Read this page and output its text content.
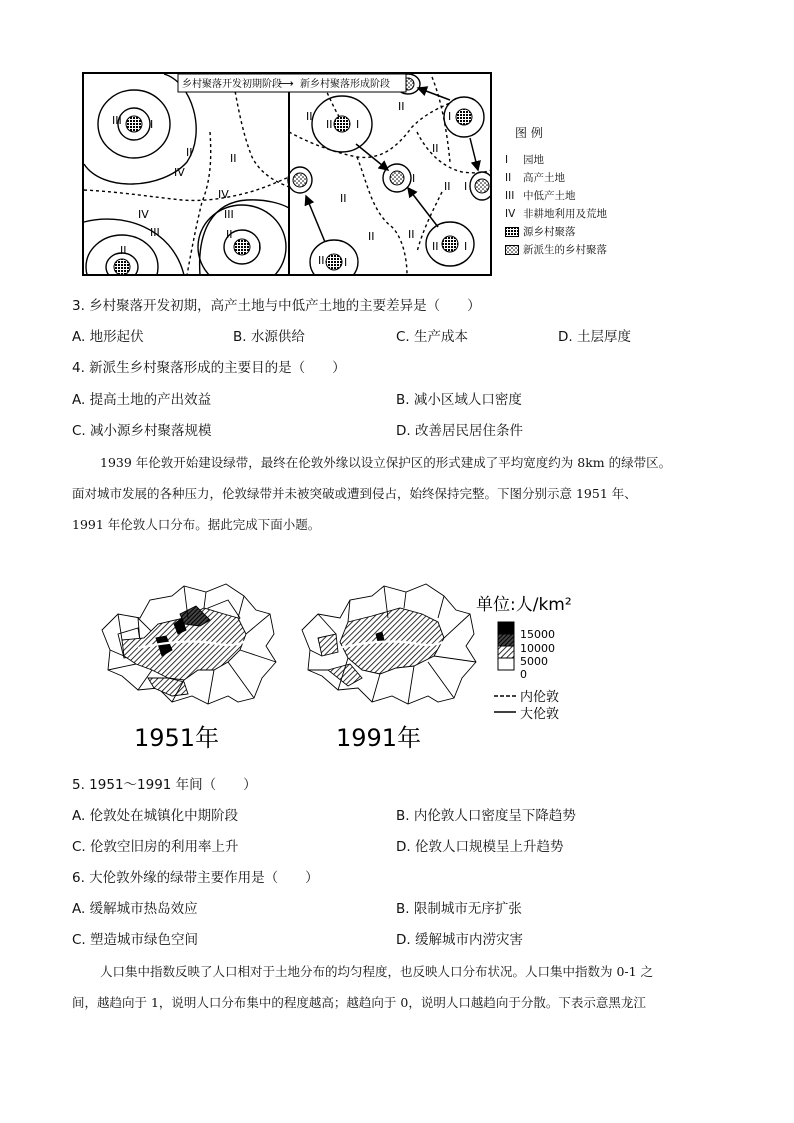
乡村聚落开发初期阶段
⟶ 新乡村聚落形成阶段
III	I
II
IV
II
IV
IV
III
II
III
II
I
II
II I
II
I
II
I
II
II I
II	II
II I
II I
图 例
I 园地
II 高产土地
III 中低产土地
IV 非耕地利用及荒地
源乡村聚落
新派生的乡村聚落
3. 乡村聚落开发初期，高产土地与中低产土地的主要差异是（　　）
A. 地形起伏	B. 水源供给	C. 生产成本	D. 土层厚度
4. 新派生乡村聚落形成的主要目的是（　　）
A. 提高土地的产出效益	B. 减小区域人口密度
C. 减小源乡村聚落规模	D. 改善居民居住条件
1939 年伦敦开始建设绿带，最终在伦敦外缘以设立保护区的形式建成了平均宽度约为 8km 的绿带区。
面对城市发展的各种压力，伦敦绿带并未被突破或遭到侵占，始终保持完整。下图分别示意 1951 年、
1991 年伦敦人口分布。据此完成下面小题。
1951年	1991年
单位:人/km²
15000
10000
5000
0
内伦敦
大伦敦
5. 1951～1991 年间（　　）
A. 伦敦处在城镇化中期阶段	B. 内伦敦人口密度呈下降趋势
C. 伦敦空旧房的利用率上升	D. 伦敦人口规模呈上升趋势
6. 大伦敦外缘的绿带主要作用是（　　）
A. 缓解城市热岛效应	B. 限制城市无序扩张
C. 塑造城市绿色空间	D. 缓解城市内涝灾害
人口集中指数反映了人口相对于土地分布的均匀程度，也反映人口分布状况。人口集中指数为 0-1 之
间，越趋向于 1，说明人口分布集中的程度越高；越趋向于 0，说明人口越趋向于分散。下表示意黑龙江
